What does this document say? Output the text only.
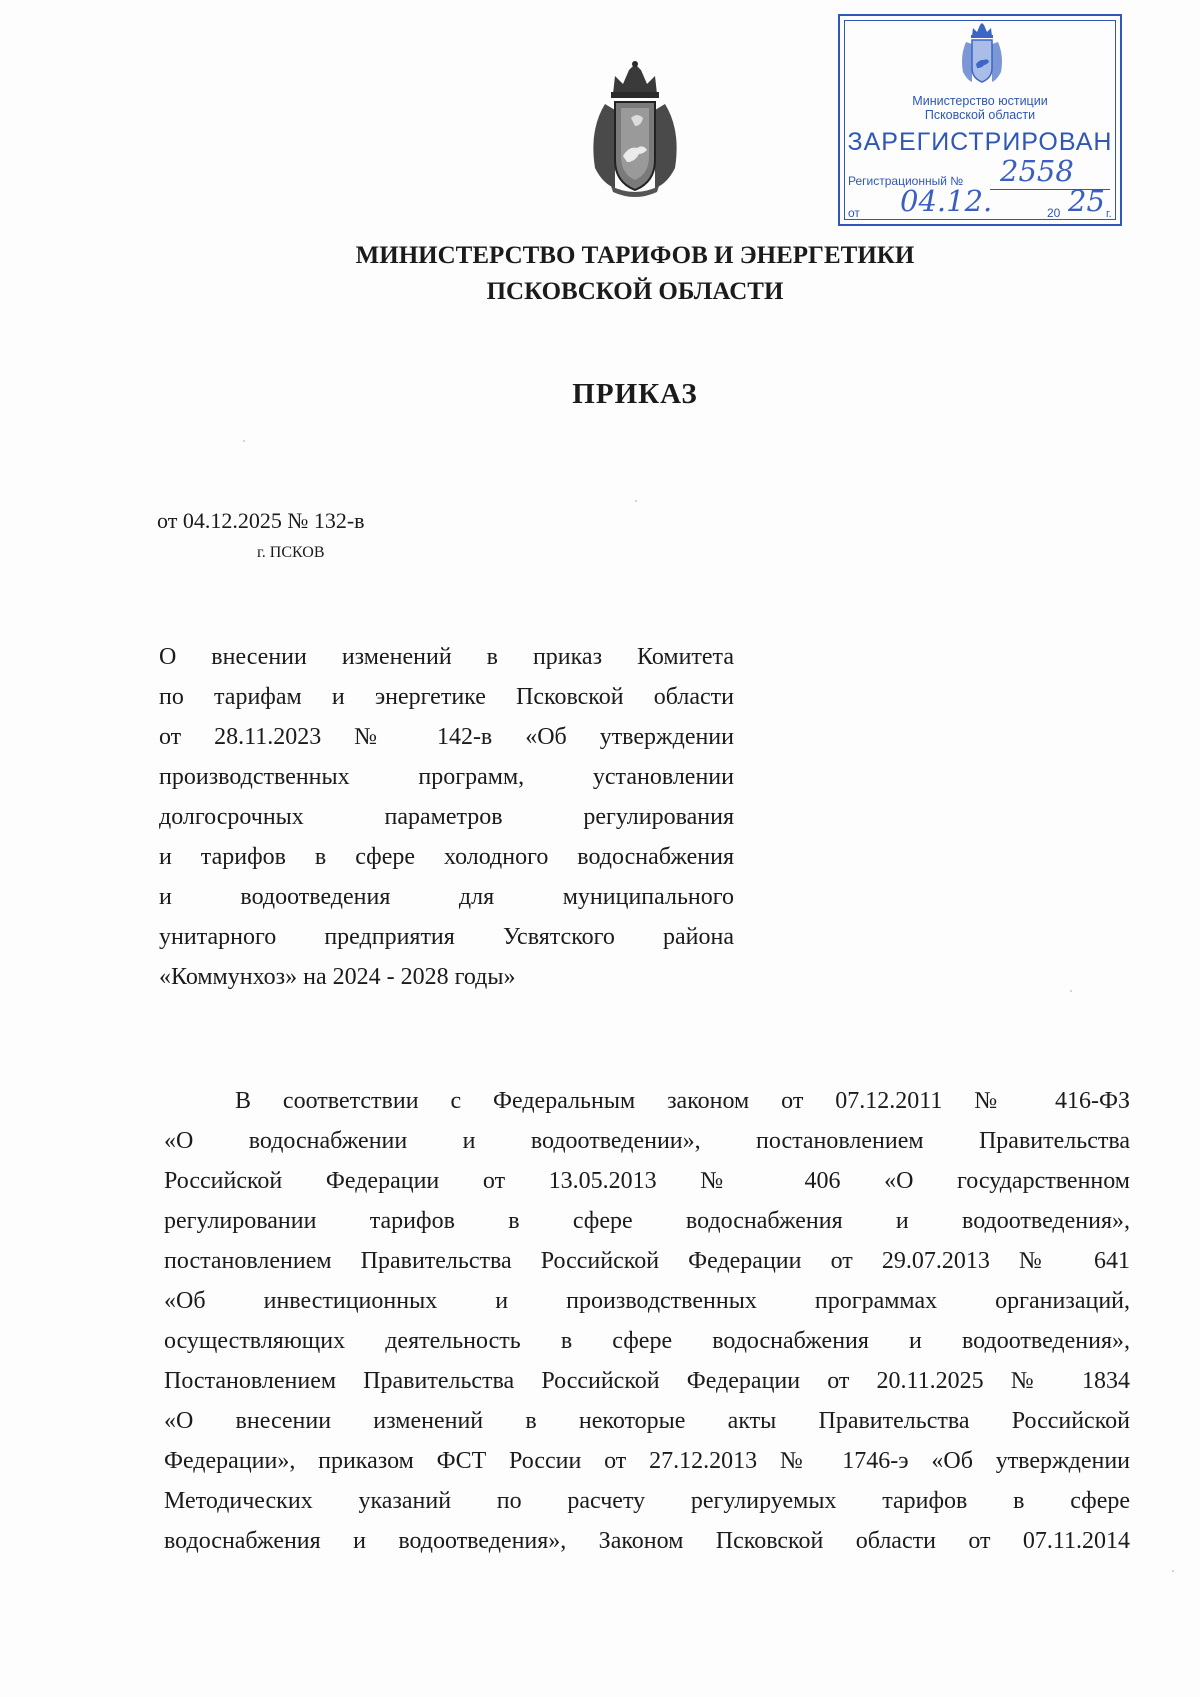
Министерство юстиции
Псковской области
ЗАРЕГИСТРИРОВАН
Регистрационный № 2558
от 04.12.	20 25 г.
МИНИСТЕРСТВО ТАРИФОВ И ЭНЕРГЕТИКИ
ПСКОВСКОЙ ОБЛАСТИ
ПРИКАЗ
от 04.12.2025 № 132-в
г. ПСКОВ
О внесении изменений в приказ Комитета
по тарифам и энергетике Псковской области
от 28.11.2023 № 142-в «Об утверждении
производственных программ, установлении
долгосрочных параметров регулирования
и тарифов в сфере холодного водоснабжения
и водоотведения для муниципального
унитарного предприятия Усвятского района
«Коммунхоз» на 2024 - 2028 годы»
В соответствии с Федеральным законом от 07.12.2011 № 416-ФЗ
«О водоснабжении и водоотведении», постановлением Правительства
Российской Федерации от 13.05.2013 № 406 «О государственном
регулировании тарифов в сфере водоснабжения и водоотведения»,
постановлением Правительства Российской Федерации от 29.07.2013 № 641
«Об инвестиционных и производственных программах организаций,
осуществляющих деятельность в сфере водоснабжения и водоотведения»,
Постановлением Правительства Российской Федерации от 20.11.2025 № 1834
«О внесении изменений в некоторые акты Правительства Российской
Федерации», приказом ФСТ России от 27.12.2013 № 1746-э «Об утверждении
Методических указаний по расчету регулируемых тарифов в сфере
водоснабжения и водоотведения», Законом Псковской области от 07.11.2014
